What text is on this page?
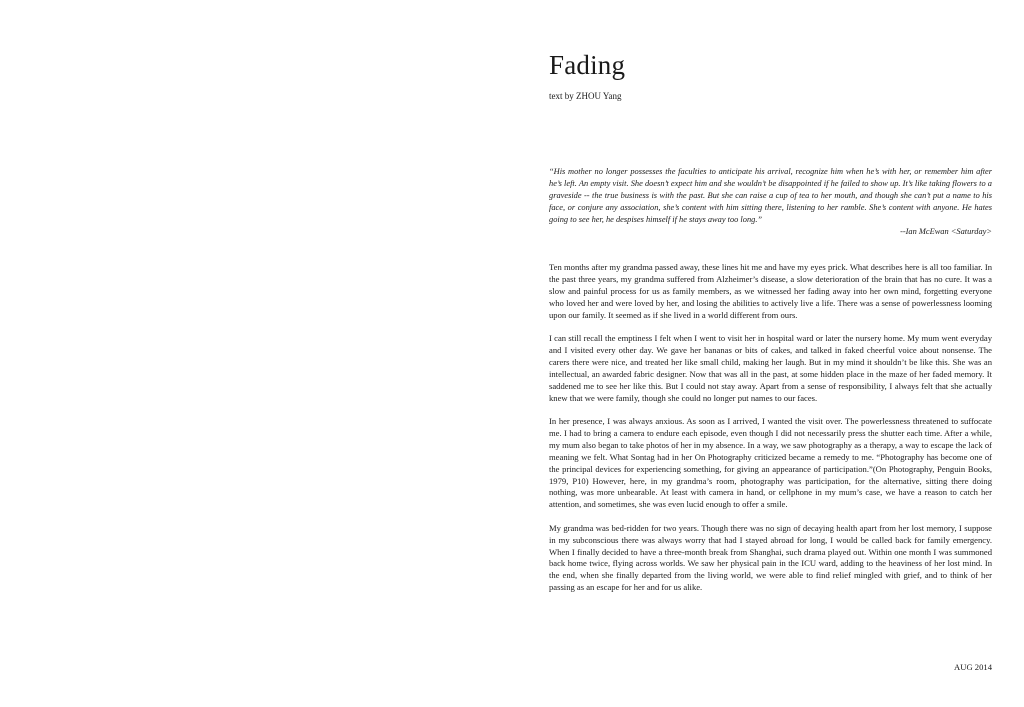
Fading
text by ZHOU Yang

“His mother no longer possesses the faculties to anticipate his arrival, recognize him when he’s with her, or remember him after he’s left. An empty visit. She doesn’t expect him and she wouldn’t be disappointed if he failed to show up. It’s like taking flowers to a graveside -- the true business is with the past. But she can raise a cup of tea to her mouth, and though she can’t put a name to his face, or conjure any association, she’s content with him sitting there, listening to her ramble. She’s content with anyone. He hates going to see her, he despises himself if he stays away too long.”

--Ian McEwan <Saturday>

Ten months after my grandma passed away, these lines hit me and have my eyes prick. What describes here is all too familiar. In the past three years, my grandma suffered from Alzheimer’s disease, a slow deterioration of the brain that has no cure. It was a slow and painful process for us as family members, as we witnessed her fading away into her own mind, forgetting everyone who loved her and were loved by her, and losing the abilities to actively live a life. There was a sense of powerlessness looming upon our family. It seemed as if she lived in a world different from ours.

I can still recall the emptiness I felt when I went to visit her in hospital ward or later the nursery home. My mum went everyday and I visited every other day. We gave her bananas or bits of cakes, and talked in faked cheerful voice about nonsense. The carers there were nice, and treated her like small child, making her laugh. But in my mind it shouldn’t be like this. She was an intellectual, an awarded fabric designer. Now that was all in the past, at some hidden place in the maze of her faded memory. It saddened me to see her like this. But I could not stay away. Apart from a sense of responsibility, I always felt that she actually knew that we were family, though she could no longer put names to our faces.

In her presence, I was always anxious. As soon as I arrived, I wanted the visit over. The powerlessness threatened to suffocate me. I had to bring a camera to endure each episode, even though I did not necessarily press the shutter each time. After a while, my mum also began to take photos of her in my absence. In a way, we saw photography as a therapy, a way to escape the lack of meaning we felt. What Sontag had in her On Photography criticized became a remedy to me. “Photography has become one of the principal devices for experiencing something, for giving an appearance of participation.”(On Photography, Penguin Books, 1979, P10) However, here, in my grandma’s room, photography was participation, for the alternative, sitting there doing nothing, was more unbearable. At least with camera in hand, or cellphone in my mum’s case, we have a reason to catch her attention, and sometimes, she was even lucid enough to offer a smile.

My grandma was bed-ridden for two years. Though there was no sign of decaying health apart from her lost memory, I suppose in my subconscious there was always worry that had I stayed abroad for long, I would be called back for family emergency. When I finally decided to have a three-month break from Shanghai, such drama played out. Within one month I was summoned back home twice, flying across worlds. We saw her physical pain in the ICU ward, adding to the heaviness of her lost mind. In the end, when she finally departed from the living world, we were able to find relief mingled with grief, and to think of her passing as an escape for her and for us alike.

AUG 2014
